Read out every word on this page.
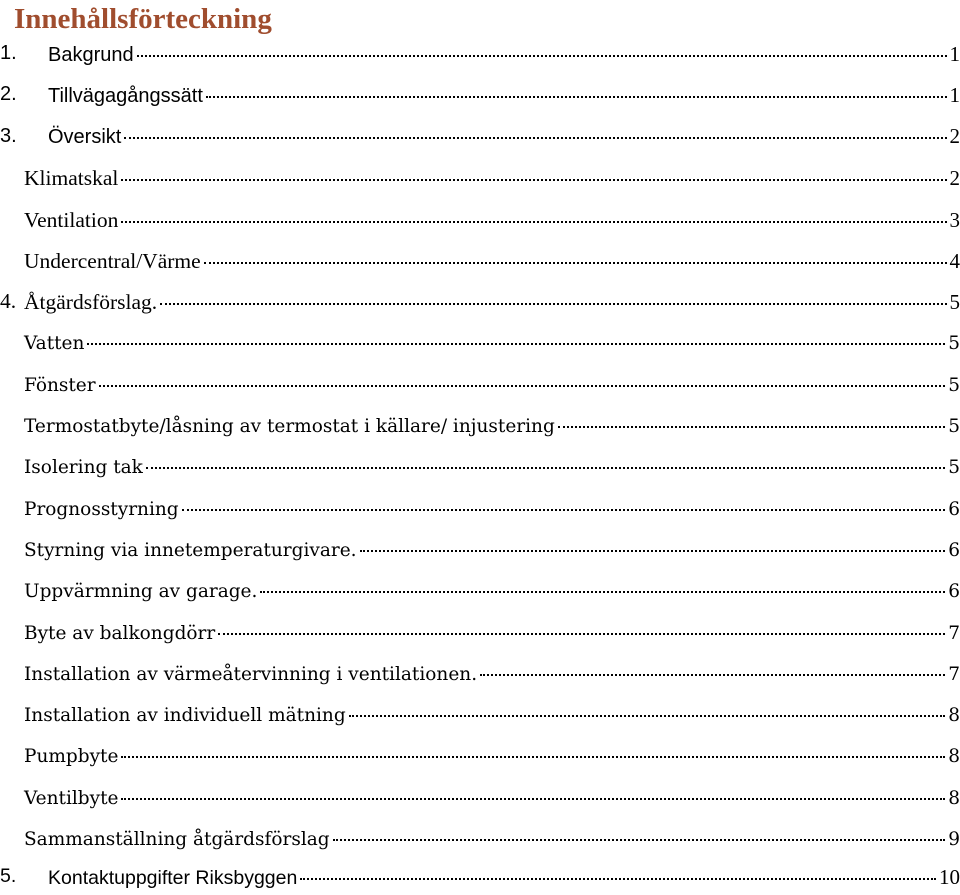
Innehållsförteckning
1. Bakgrund	1
2. Tillvägagångssätt	1
3. Översikt	2
Klimatskal	2
Ventilation	3
Undercentral/Värme	4
4. Åtgärdsförslag.	5
Vatten	5
Fönster	5
Termostatbyte/låsning av termostat i källare/ injustering	5
Isolering tak	5
Prognosstyrning	6
Styrning via innetemperaturgivare.	6
Uppvärmning av garage.	6
Byte av balkongdörr	7
Installation av värmeåtervinning i ventilationen.	7
Installation av individuell mätning	8
Pumpbyte	8
Ventilbyte	8
Sammanställning åtgärdsförslag	9
5. Kontaktuppgifter Riksbyggen	10
